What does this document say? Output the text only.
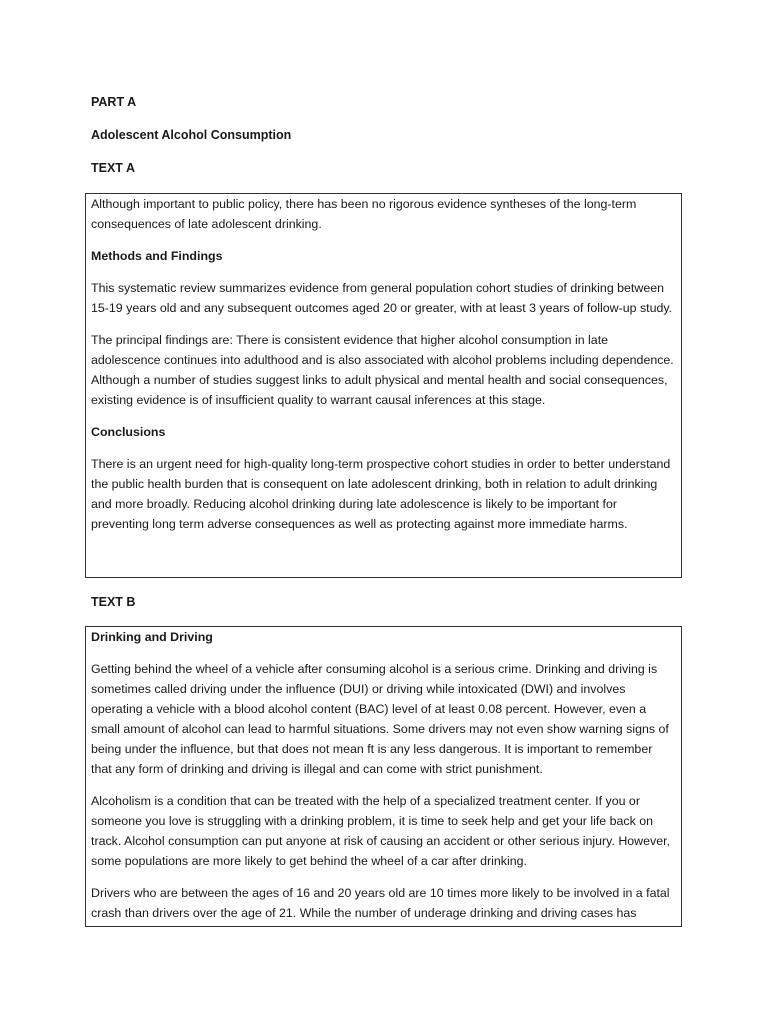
PART A
Adolescent Alcohol Consumption
TEXT A

Although important to public policy, there has been no rigorous evidence syntheses of the long-term consequences of late adolescent drinking.

Methods and Findings

This systematic review summarizes evidence from general population cohort studies of drinking between 15-19 years old and any subsequent outcomes aged 20 or greater, with at least 3 years of follow-up study.

The principal findings are: There is consistent evidence that higher alcohol consumption in late adolescence continues into adulthood and is also associated with alcohol problems including dependence. Although a number of studies suggest links to adult physical and mental health and social consequences, existing evidence is of insufficient quality to warrant causal inferences at this stage.

Conclusions

There is an urgent need for high-quality long-term prospective cohort studies in order to better understand the public health burden that is consequent on late adolescent drinking, both in relation to adult drinking and more broadly. Reducing alcohol drinking during late adolescence is likely to be important for preventing long term adverse consequences as well as protecting against more immediate harms.

TEXT B

Drinking and Driving

Getting behind the wheel of a vehicle after consuming alcohol is a serious crime. Drinking and driving is sometimes called driving under the influence (DUI) or driving while intoxicated (DWI) and involves operating a vehicle with a blood alcohol content (BAC) level of at least 0.08 percent. However, even a small amount of alcohol can lead to harmful situations. Some drivers may not even show warning signs of being under the influence, but that does not mean ft is any less dangerous. It is important to remember that any form of drinking and driving is illegal and can come with strict punishment.

Alcoholism is a condition that can be treated with the help of a specialized treatment center. If you or someone you love is struggling with a drinking problem, it is time to seek help and get your life back on track. Alcohol consumption can put anyone at risk of causing an accident or other serious injury. However, some populations are more likely to get behind the wheel of a car after drinking.

Drivers who are between the ages of 16 and 20 years old are 10 times more likely to be involved in a fatal crash than drivers over the age of 21. While the number of underage drinking and driving cases has
